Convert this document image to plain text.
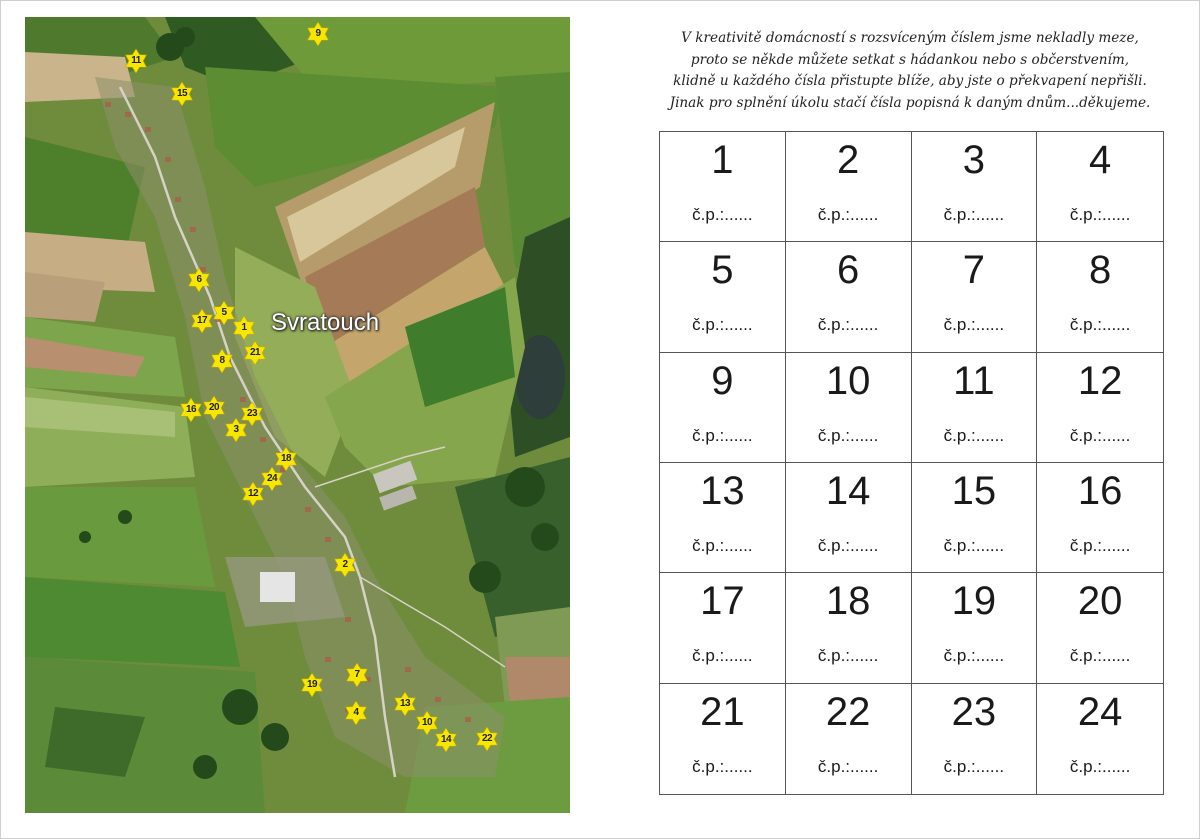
Svratouch
9
11
15
6
5
17
1
21
8
16	20
23
3
18
24
12
2
7
19
13
4
10
14	22
V kreativitě domácností s rozsvíceným číslem jsme nekladly meze,
proto se někde můžete setkat s hádankou nebo s občerstvením,
klidně u každého čísla přistupte blíže, aby jste o překvapení nepřišli.
Jinak pro splnění úkolu stačí čísla popisná k daným dnům...děkujeme.
1
č.p.:......
2
č.p.:......
3
č.p.:......
4
č.p.:......
5
č.p.:......
6
č.p.:......
7
č.p.:......
8
č.p.:......
9
č.p.:......
10
č.p.:......
11
č.p.:......
12
č.p.:......
13
č.p.:......
14
č.p.:......
15
č.p.:......
16
č.p.:......
17
č.p.:......
18
č.p.:......
19
č.p.:......
20
č.p.:......
21
č.p.:......
22
č.p.:......
23
č.p.:......
24
č.p.:......
